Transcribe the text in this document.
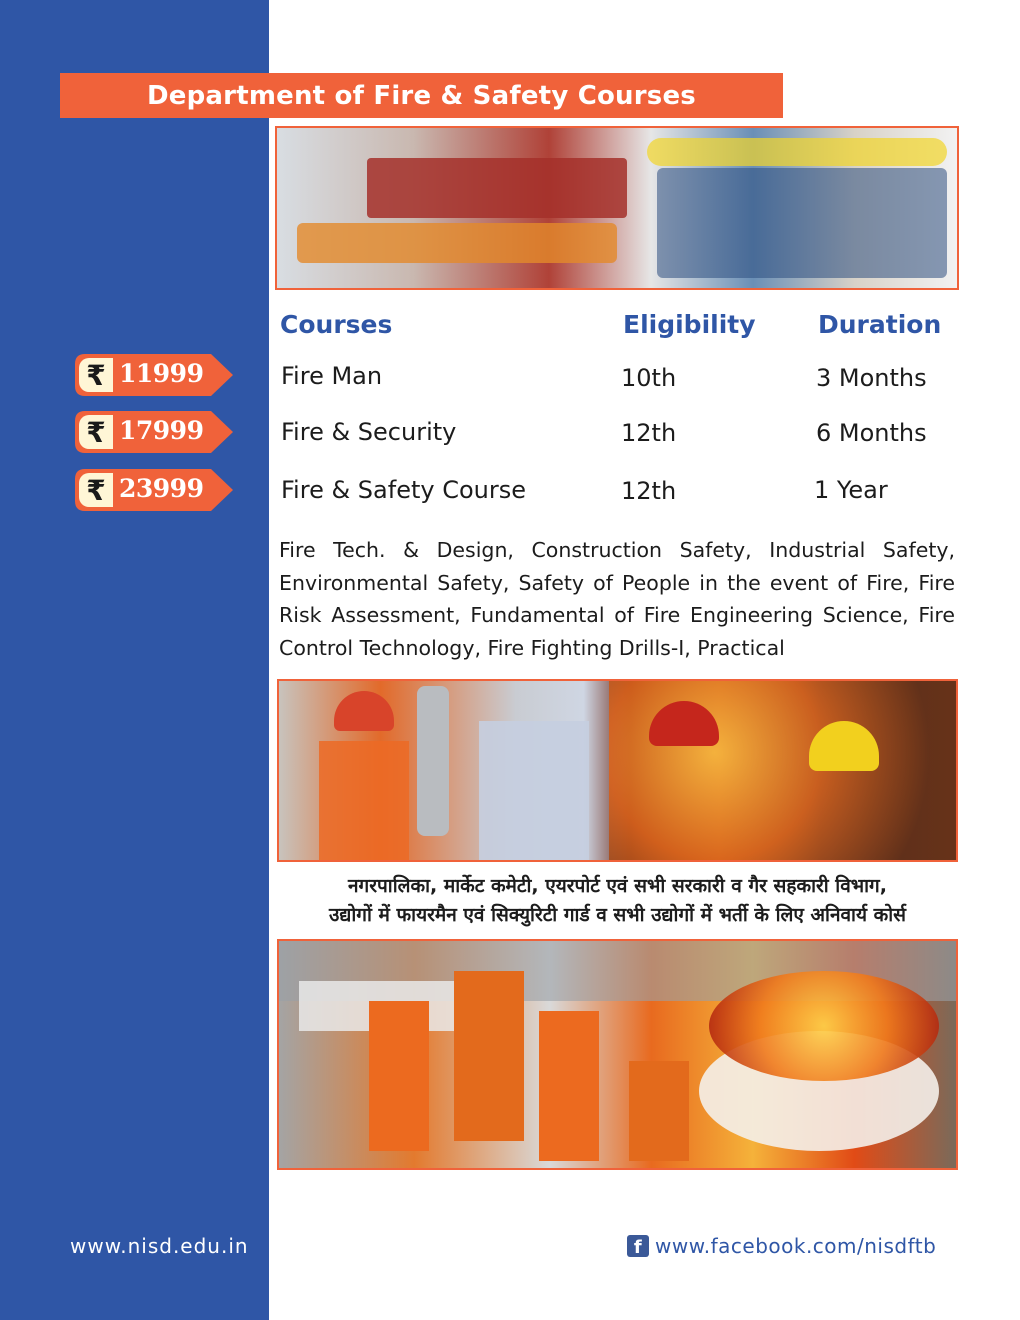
Department of Fire & Safety Courses
Courses	Eligibility Duration
₹ 11999	Fire Man	10th	3 Months
₹ 17999	Fire & Security	12th	6 Months
₹ 23999	Fire & Safety Course	12th	1 Year
Fire Tech. & Design, Construction Safety, Industrial Safety, Environmental Safety, Safety of People in the event of Fire, Fire Risk Assessment, Fundamental of Fire Engineering Science, Fire Control Technology, Fire Fighting Drills-I, Practical
नगरपालिका, मार्केट कमेटी, एयरपोर्ट एवं सभी सरकारी व गैर सहकारी विभाग,
उद्योगों में फायरमैन एवं सिक्युरिटी गार्ड व सभी उद्योगों में भर्ती के लिए अनिवार्य कोर्स
www.nisd.edu.in	f www.facebook.com/nisdftb
